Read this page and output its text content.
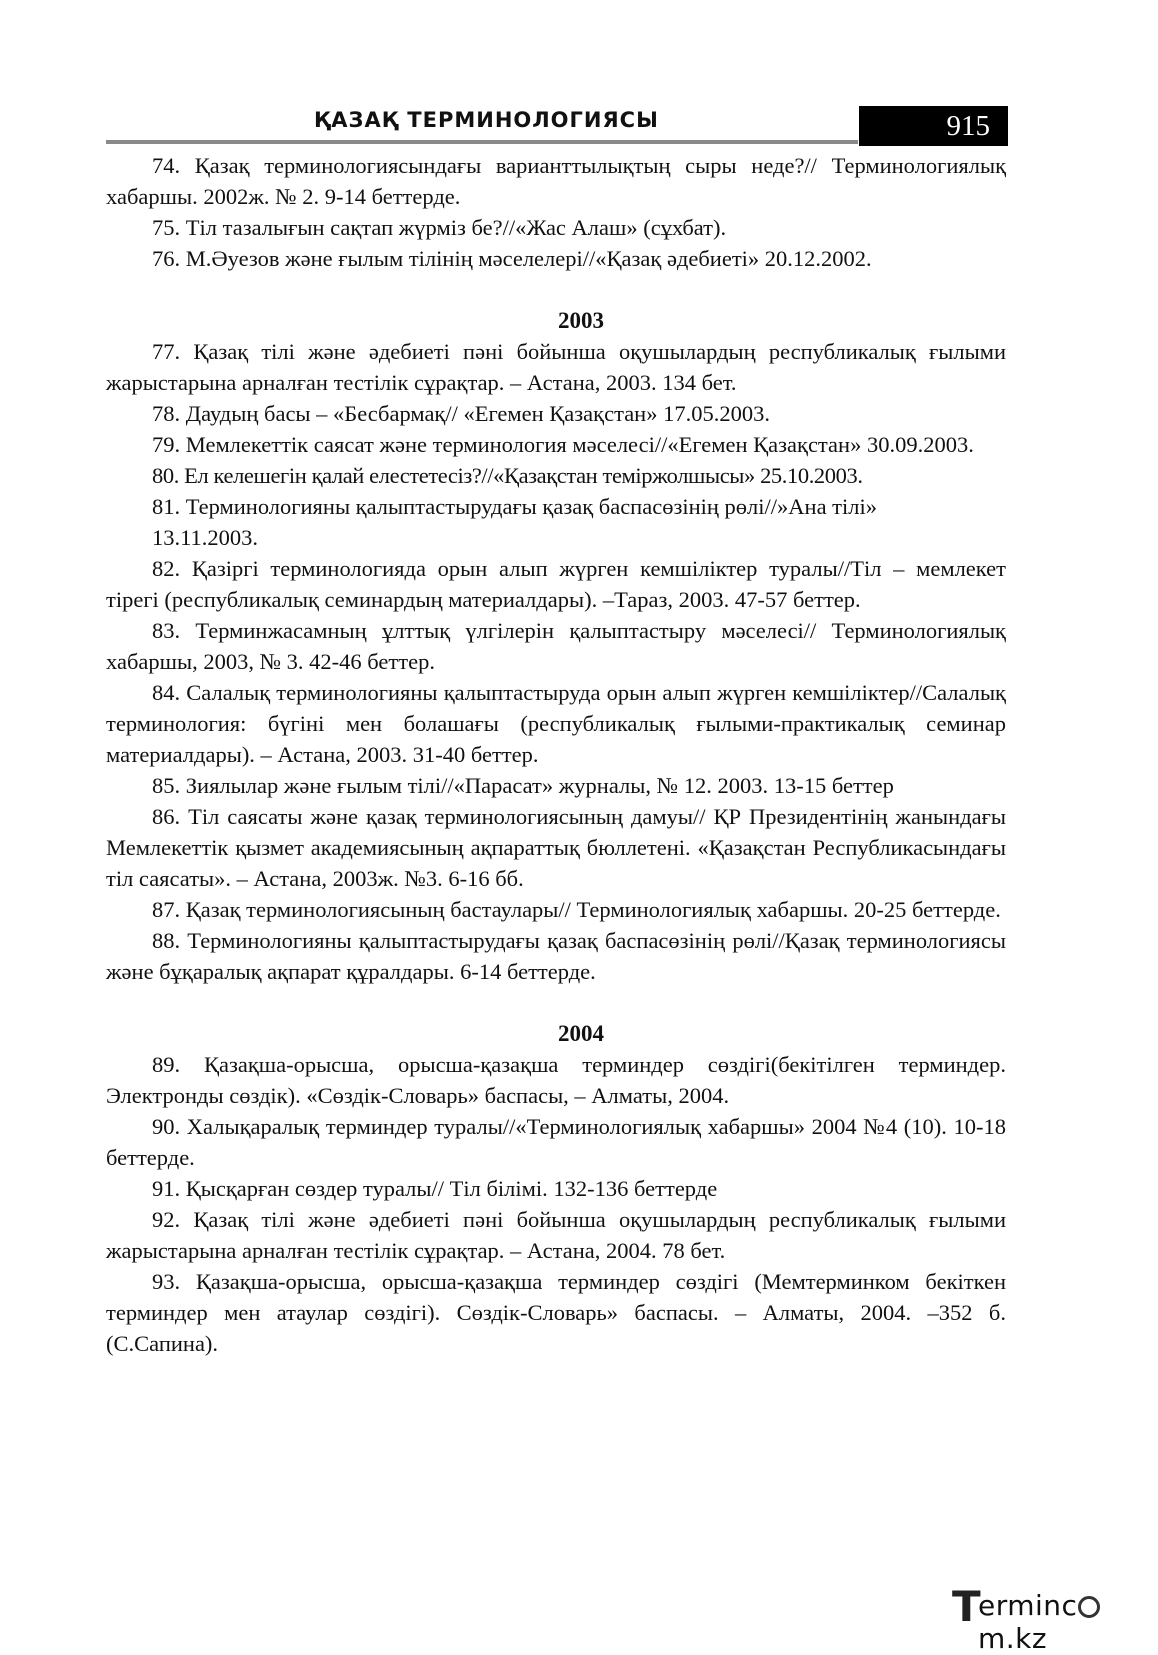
ҚАЗАҚ ТЕРМИНОЛОГИЯСЫ	915

74. Қазақ терминологиясындағы варианттылықтың сыры неде?// Терминологиялық хабаршы. 2002ж. № 2. 9-14 беттерде.

75. Тіл тазалығын сақтап жүрміз бе?//«Жас Алаш» (сұхбат).

76. М.Әуезов және ғылым тілінің мәселелері//«Қазақ әдебиеті» 20.12.2002.

2003

77. Қазақ тілі және әдебиеті пәні бойынша оқушылардың республикалық ғылыми жарыстарына арналған тестілік сұрақтар. – Астана, 2003. 134 бет.

78. Даудың басы – «Бесбармақ// «Егемен Қазақстан» 17.05.2003.

79. Мемлекеттік саясат және терминология мәселесі//«Егемен Қазақстан» 30.09.2003.

80. Ел келешегін қалай елестетесіз?//«Қазақстан теміржолшысы» 25.10.2003.

81. Терминологияны қалыптастырудағы қазақ баспасөзінің рөлі//»Ана тілі»

13.11.2003.

82. Қазіргі терминологияда орын алып жүрген кемшіліктер туралы//Тіл – мемлекет тірегі (республикалық семинардың материалдары). –Тараз, 2003. 47-57 беттер.

83. Терминжасамның ұлттық үлгілерін қалыптастыру мәселесі// Терминологиялық хабаршы, 2003, № 3. 42-46 беттер.

84. Салалық терминологияны қалыптастыруда орын алып жүрген кемшіліктер//Салалық терминология: бүгіні мен болашағы (республикалық ғылыми-практикалық семинар материалдары). – Астана, 2003. 31-40 беттер.

85. Зиялылар және ғылым тілі//«Парасат» журналы, № 12. 2003. 13-15 беттер

86. Тіл саясаты және қазақ терминологиясының дамуы// ҚР Президентінің жанындағы Мемлекеттік қызмет академиясының ақпараттық бюллетені. «Қазақстан Республикасындағы тіл саясаты». – Астана, 2003ж. №3. 6-16 бб.

87. Қазақ терминологиясының бастаулары// Терминологиялық хабаршы. 20-25 беттерде.

88. Терминологияны қалыптастырудағы қазақ баспасөзінің рөлі//Қазақ терминологиясы және бұқаралық ақпарат құралдары. 6-14 беттерде.

2004

89. Қазақша-орысша, орысша-қазақша терминдер сөздігі(бекітілген терминдер. Электронды сөздік). «Сөздік-Словарь» баспасы, – Алматы, 2004.

90. Халықаралық терминдер туралы//«Терминологиялық хабаршы» 2004 №4 (10). 10-18 беттерде.

91. Қысқарған сөздер туралы// Тіл білімі. 132-136 беттерде

92. Қазақ тілі және әдебиеті пәні бойынша оқушылардың республикалық ғылыми жарыстарына арналған тестілік сұрақтар. – Астана, 2004. 78 бет.

93. Қазақша-орысша, орысша-қазақша терминдер сөздігі (Мемтерминком бекіткен терминдер мен атаулар сөздігі). Сөздік-Словарь» баспасы. – Алматы, 2004. –352 б. (С.Сапина).

T
ermincm.kz
